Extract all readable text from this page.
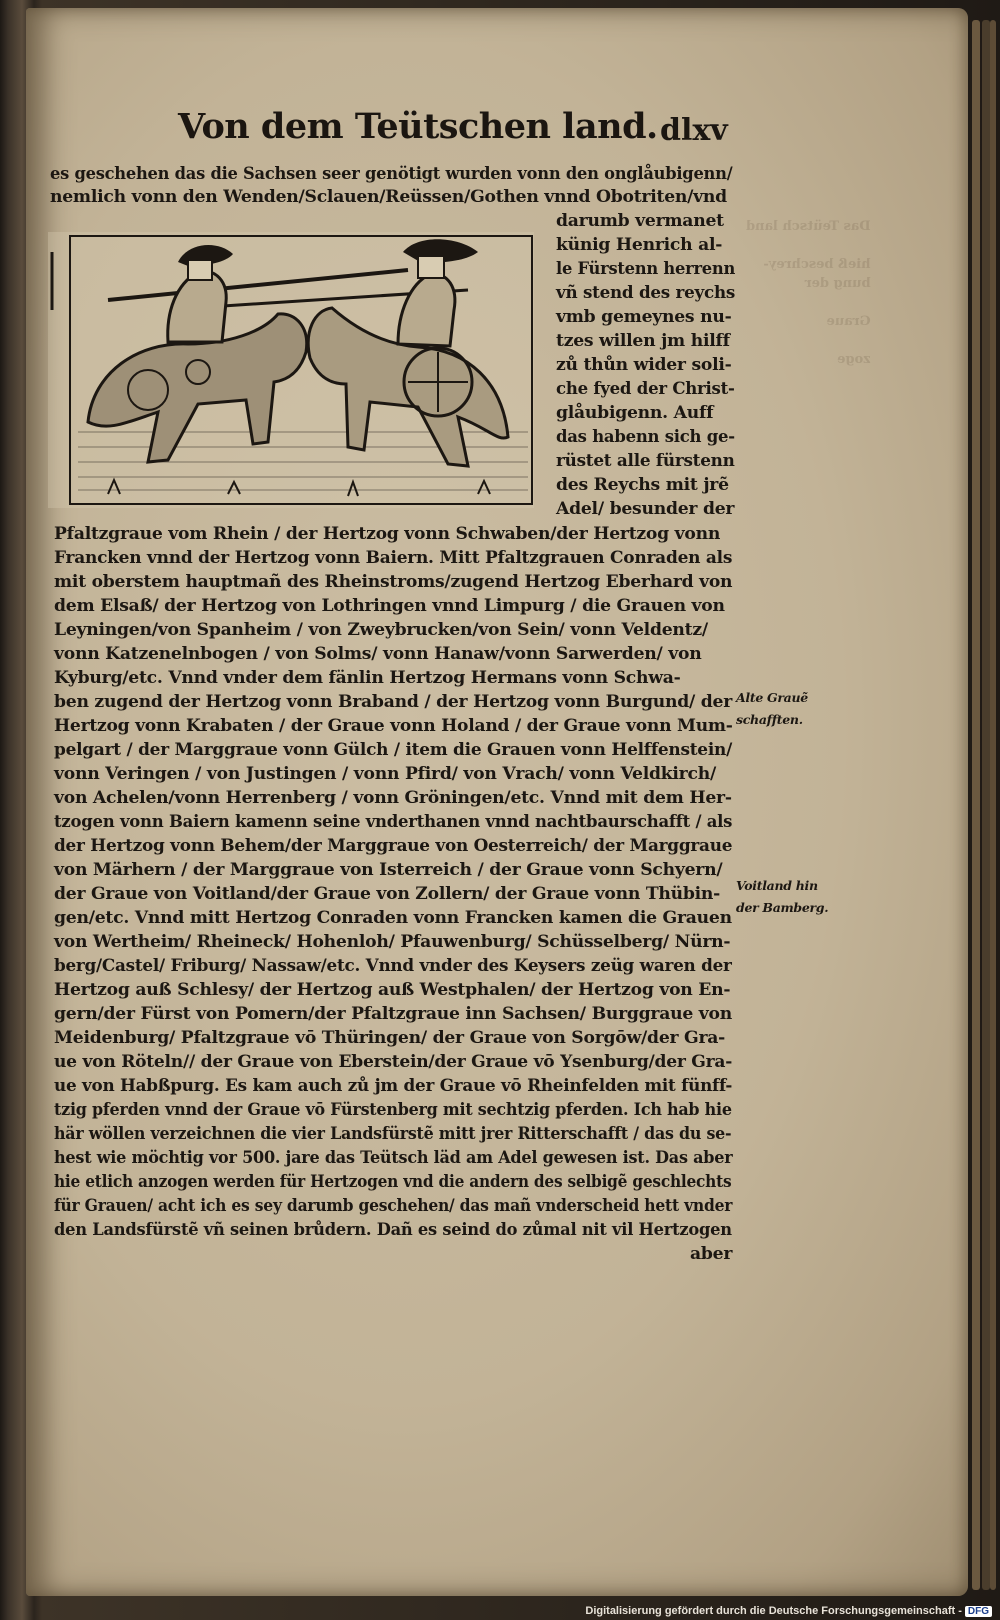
Das Teütsch land

hieß beschrey-
bung der

Graue

zoge
Von dem Teütschen land. dlxv
es geschehen das die Sachsen seer genötigt wurden vonn den onglåubigenn/
nemlich vonn den Wenden/Sclauen/Reüssen/Gothen vnnd Obotriten/vnd
darumb vermanet
künig Henrich al-
le Fürstenn herrenn
vñ stend des reychs
vmb gemeynes nu-
tzes willen jm hilff
zů thůn wider soli-
che fyed der Christ-
glåubigenn. Auff
das habenn sich ge-
rüstet alle fürstenn
des Reychs mit jrẽ
Adel/ besunder der
Pfaltzgraue vom Rhein / der Hertzog vonn Schwaben/der Hertzog vonn
Francken vnnd der Hertzog vonn Baiern. Mitt Pfaltzgrauen Conraden als
mit oberstem hauptmañ des Rheinstroms/zugend Hertzog Eberhard von
dem Elsaß/ der Hertzog von Lothringen vnnd Limpurg / die Grauen von
Leyningen/von Spanheim / von Zweybrucken/von Sein/ vonn Veldentz/
vonn Katzenelnbogen / von Solms/ vonn Hanaw/vonn Sarwerden/ von
Kyburg/etc. Vnnd vnder dem fänlin Hertzog Hermans vonn Schwa-
ben zugend der Hertzog vonn Braband / der Hertzog vonn Burgund/ der
Hertzog vonn Krabaten / der Graue vonn Holand / der Graue vonn Mum-
pelgart / der Marggraue vonn Gülch / item die Grauen vonn Helffenstein/
vonn Veringen / von Justingen / vonn Pfird/ von Vrach/ vonn Veldkirch/
von Achelen/vonn Herrenberg / vonn Gröningen/etc. Vnnd mit dem Her-
tzogen vonn Baiern kamenn seine vnderthanen vnnd nachtbaurschafft / als
der Hertzog vonn Behem/der Marggraue von Oesterreich/ der Marggraue
von Märhern / der Marggraue von Isterreich / der Graue vonn Schyern/
der Graue von Voitland/der Graue von Zollern/ der Graue vonn Thübin-
gen/etc. Vnnd mitt Hertzog Conraden vonn Francken kamen die Grauen
von Wertheim/ Rheineck/ Hohenloh/ Pfauwenburg/ Schüsselberg/ Nürn-
berg/Castel/ Friburg/ Nassaw/etc. Vnnd vnder des Keysers zeüg waren der
Hertzog auß Schlesy/ der Hertzog auß Westphalen/ der Hertzog von En-
gern/der Fürst von Pomern/der Pfaltzgraue inn Sachsen/ Burggraue von
Meidenburg/ Pfaltzgraue vō Thüringen/ der Graue von Sorgōw/der Gra-
ue von Röteln// der Graue von Eberstein/der Graue vō Ysenburg/der Gra-
ue von Habßpurg. Es kam auch zů jm der Graue vō Rheinfelden mit fünff-
tzig pferden vnnd der Graue vō Fürstenberg mit sechtzig pferden. Ich hab hie
här wöllen verzeichnen die vier Landsfürstẽ mitt jrer Ritterschafft / das du se-
hest wie möchtig vor 500. jare das Teütsch läd am Adel gewesen ist. Das aber
hie etlich anzogen werden für Hertzogen vnd die andern des selbigẽ geschlechts
für Grauen/ acht ich es sey darumb geschehen/ das mañ vnderscheid hett vnder
den Landsfürstẽ vñ seinen brůdern. Dañ es seind do zůmal nit vil Hertzogen
aber
Alte Grauẽ
schafften.
Voitland hin
der Bamberg.
Digitalisierung gefördert durch die Deutsche Forschungsgemeinschaft - DFG
